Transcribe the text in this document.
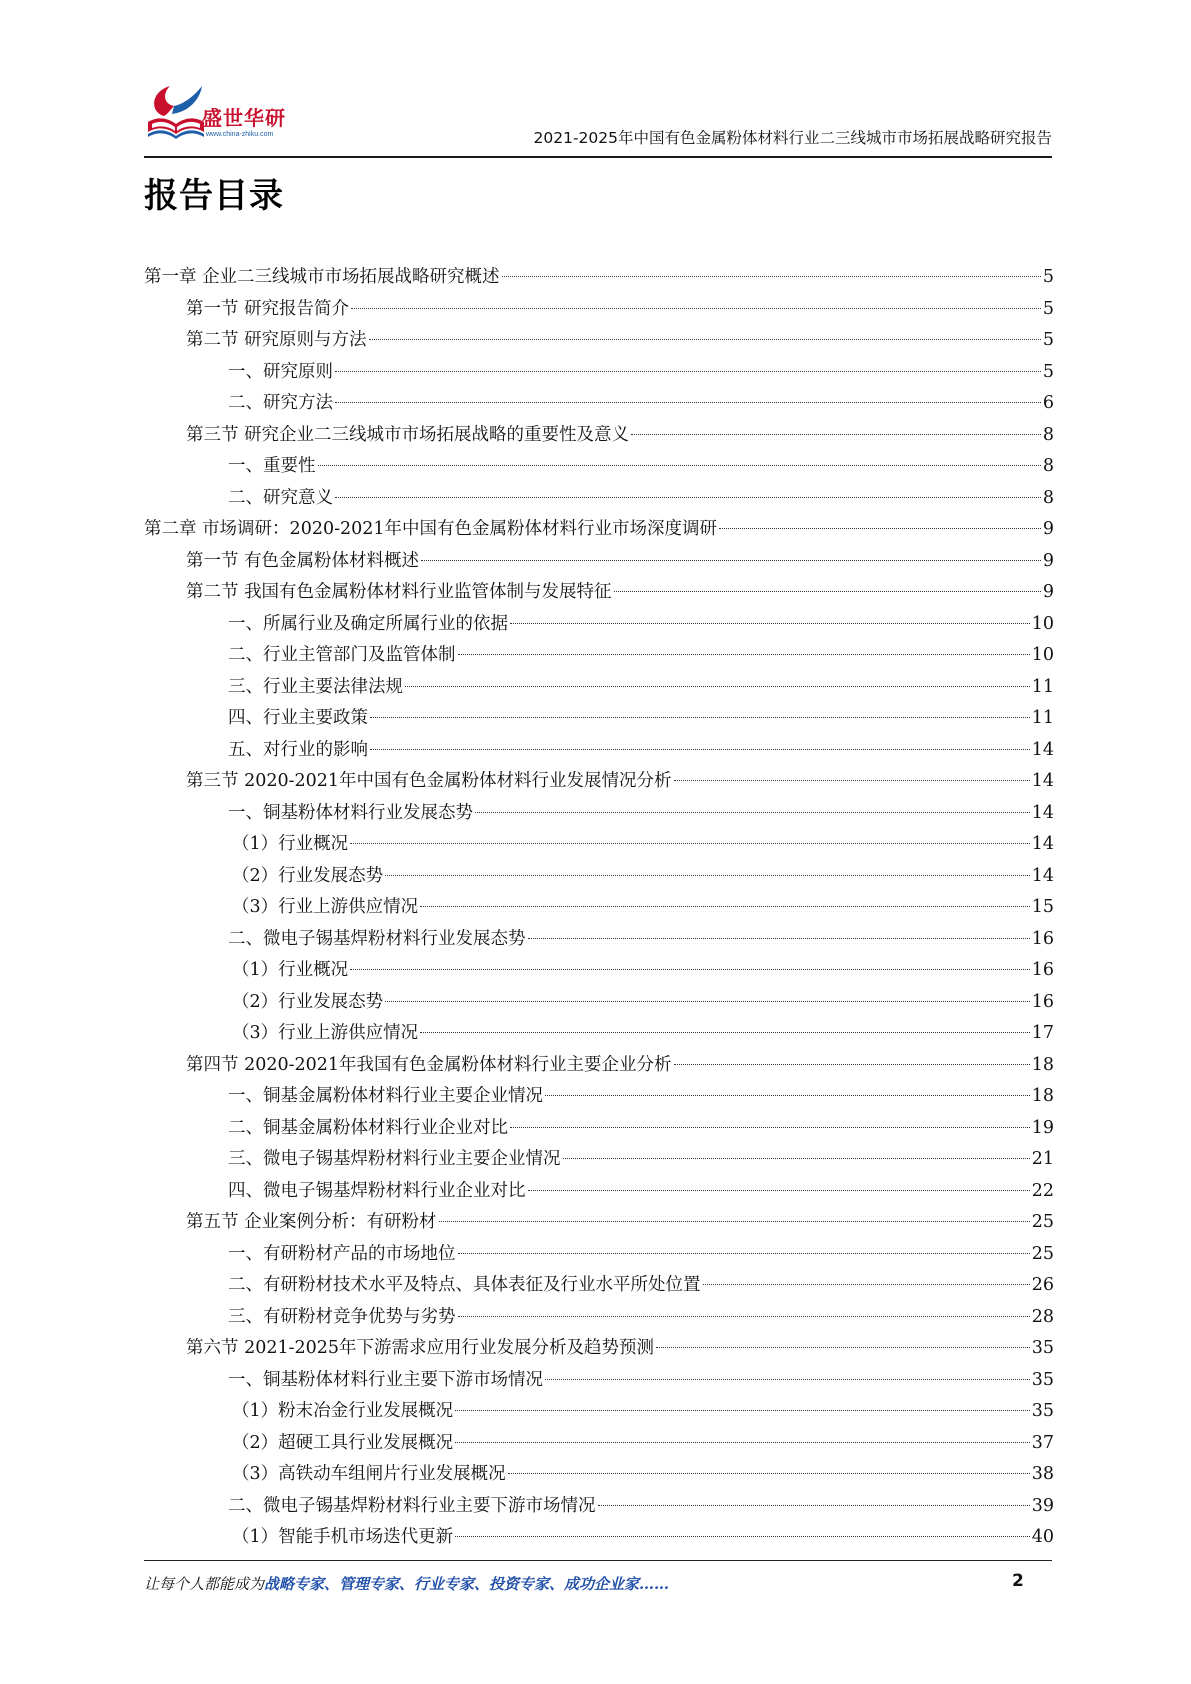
盛世华研
www.china-zhiku.com	2021-2025年中国有色金属粉体材料行业二三线城市市场拓展战略研究报告
报告目录
第一章 企业二三线城市市场拓展战略研究概述	5
第一节 研究报告简介	5
第二节 研究原则与方法	5
一、研究原则	5
二、研究方法	6
第三节 研究企业二三线城市市场拓展战略的重要性及意义	8
一、重要性	8
二、研究意义	8
第二章 市场调研：2020-2021年中国有色金属粉体材料行业市场深度调研	9
第一节 有色金属粉体材料概述	9
第二节 我国有色金属粉体材料行业监管体制与发展特征	9
一、所属行业及确定所属行业的依据	10
二、行业主管部门及监管体制	10
三、行业主要法律法规	11
四、行业主要政策	11
五、对行业的影响	14
第三节 2020-2021年中国有色金属粉体材料行业发展情况分析	14
一、铜基粉体材料行业发展态势	14
（1）行业概况	14
（2）行业发展态势	14
（3）行业上游供应情况	15
二、微电子锡基焊粉材料行业发展态势	16
（1）行业概况	16
（2）行业发展态势	16
（3）行业上游供应情况	17
第四节 2020-2021年我国有色金属粉体材料行业主要企业分析	18
一、铜基金属粉体材料行业主要企业情况	18
二、铜基金属粉体材料行业企业对比	19
三、微电子锡基焊粉材料行业主要企业情况	21
四、微电子锡基焊粉材料行业企业对比	22
第五节 企业案例分析：有研粉材	25
一、有研粉材产品的市场地位	25
二、有研粉材技术水平及特点、具体表征及行业水平所处位置	26
三、有研粉材竞争优势与劣势	28
第六节 2021-2025年下游需求应用行业发展分析及趋势预测	35
一、铜基粉体材料行业主要下游市场情况	35
（1）粉末冶金行业发展概况	35
（2）超硬工具行业发展概况	37
（3）高铁动车组闸片行业发展概况	38
二、微电子锡基焊粉材料行业主要下游市场情况	39
（1）智能手机市场迭代更新	40
让每个人都能成为战略专家、管理专家、行业专家、投资专家、成功企业家……	2
